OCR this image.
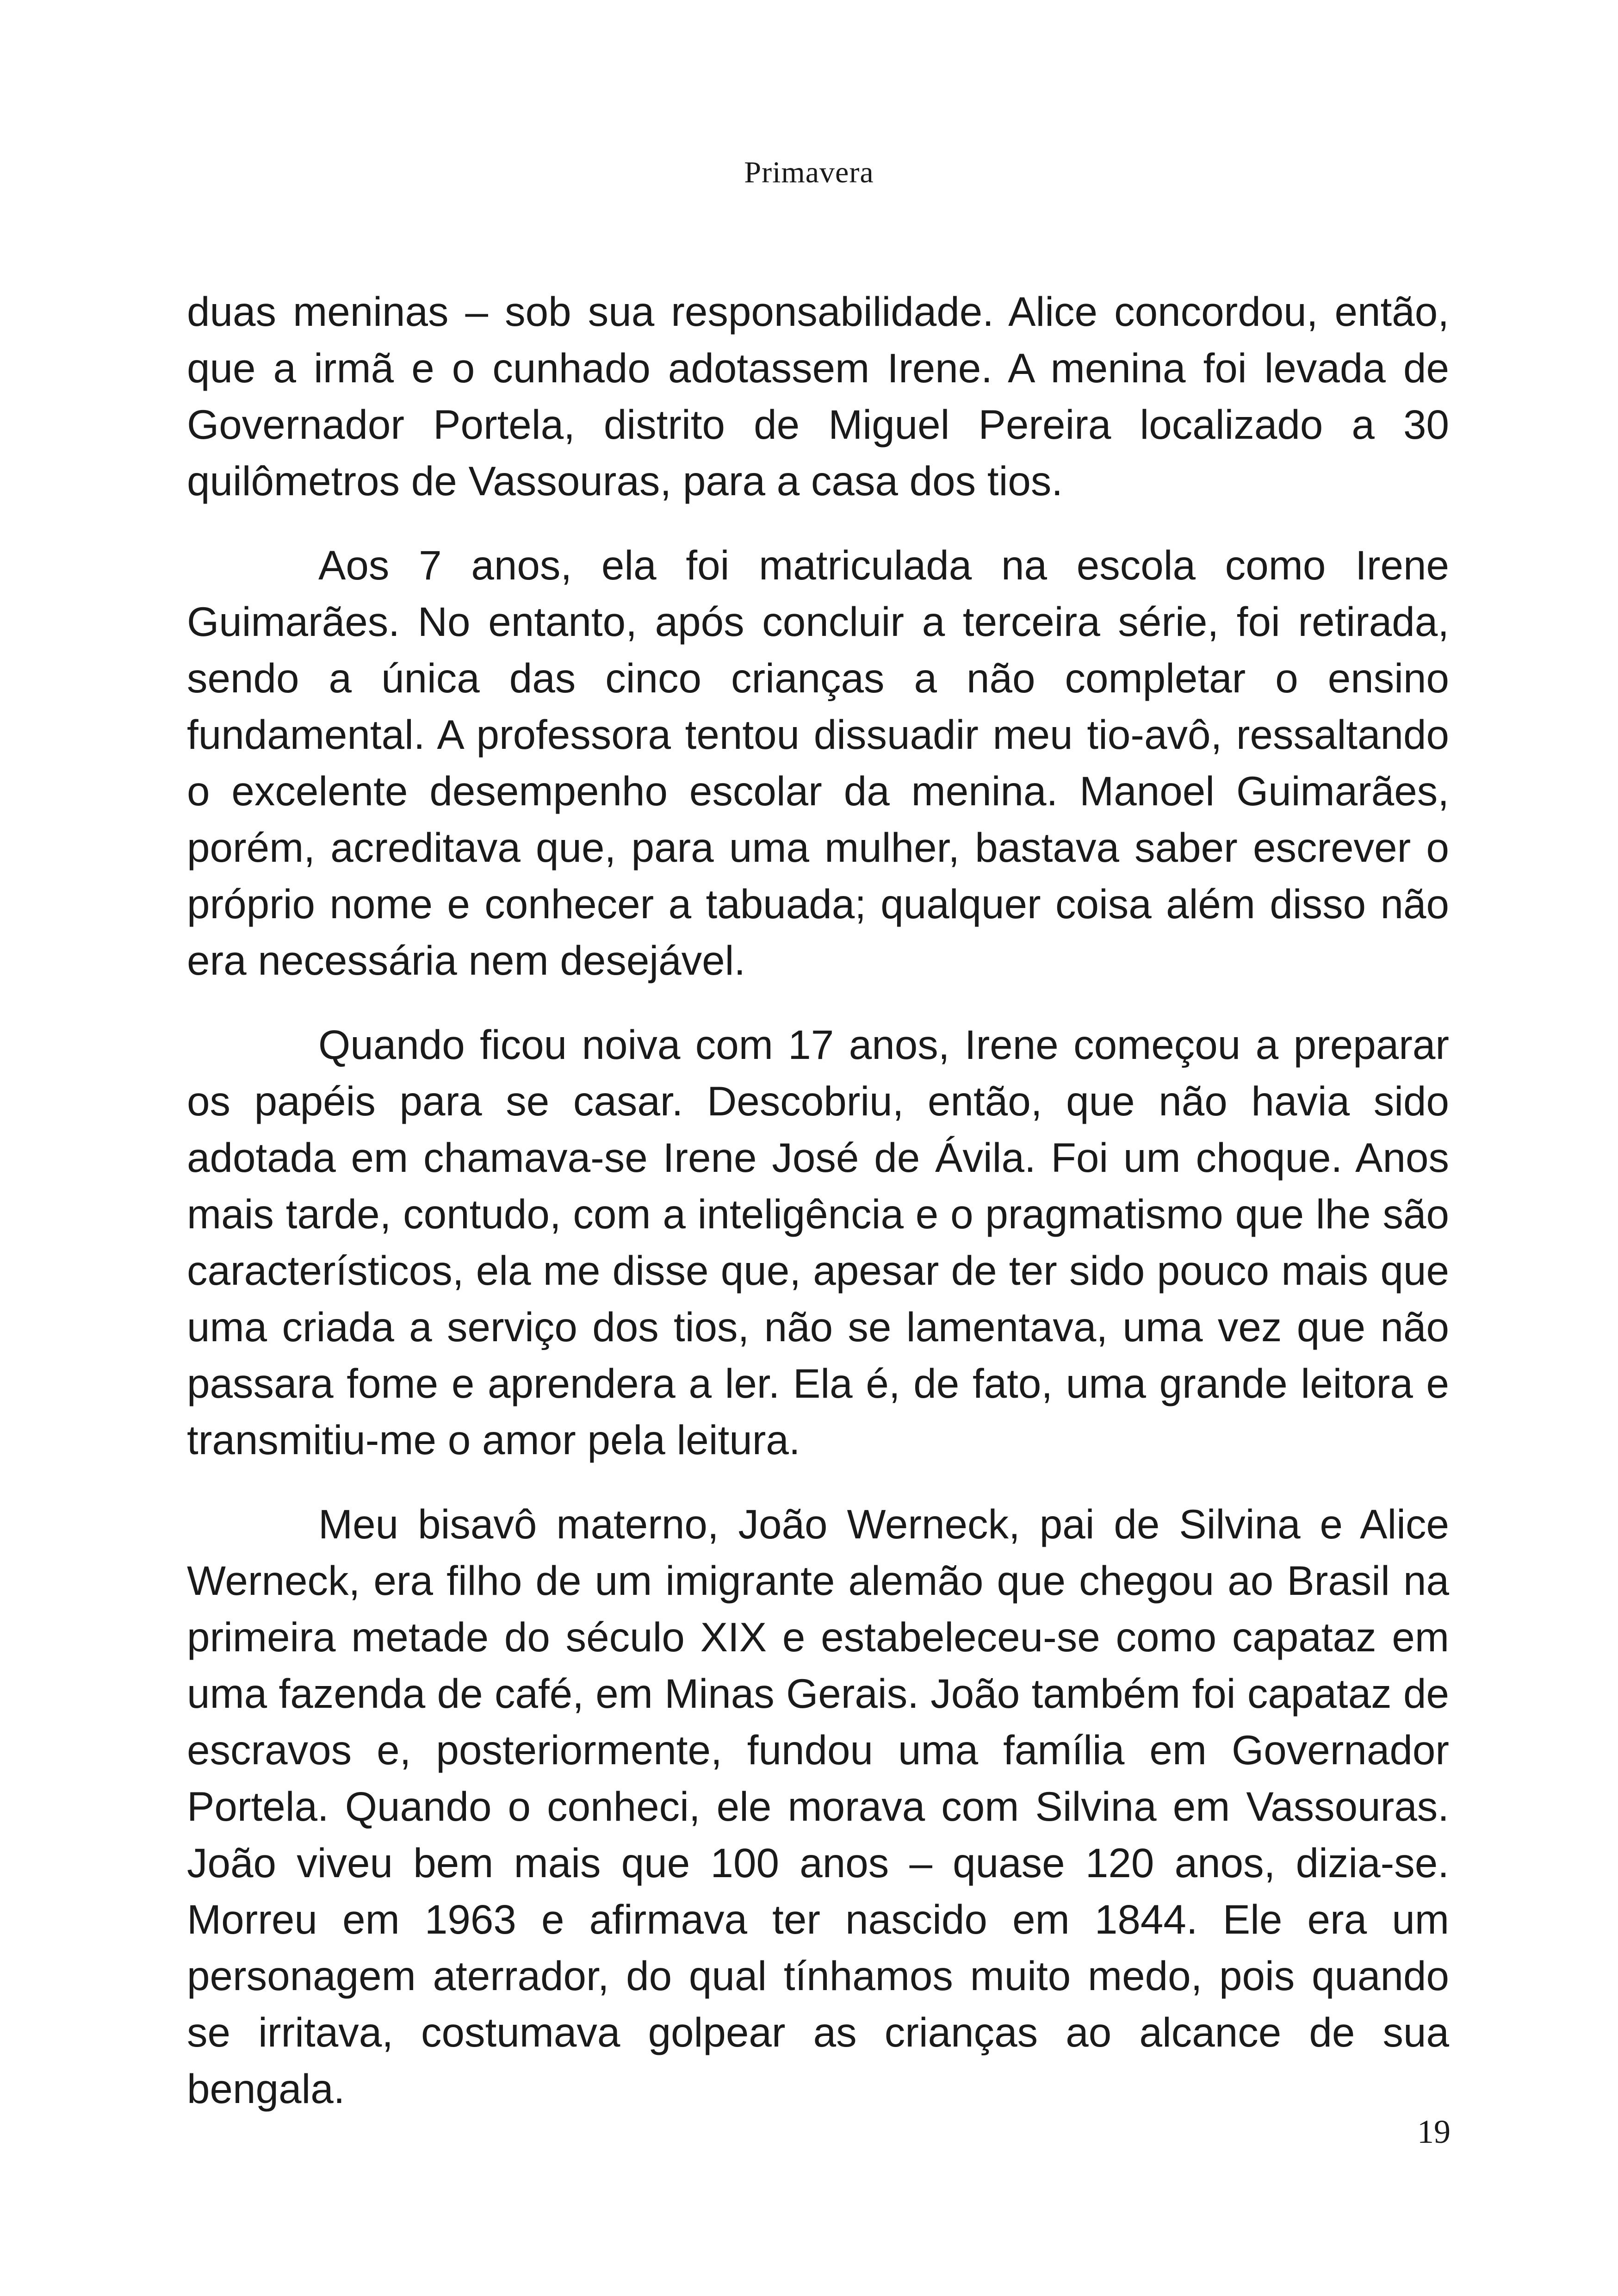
Primavera

duas meninas – sob sua responsabilidade. Alice concordou, então, que a irmã e o cunhado adotassem Irene. A menina foi levada de Governador Portela, distrito de Miguel Pereira localizado a 30 quilômetros de Vassouras, para a casa dos tios.

Aos 7 anos, ela foi matriculada na escola como Irene Guimarães. No entanto, após concluir a terceira série, foi retirada, sendo a única das cinco crianças a não completar o ensino fundamental. A professora tentou dissuadir meu tio-avô, ressaltando o excelente desempenho escolar da menina. Manoel Guimarães, porém, acreditava que, para uma mulher, bastava saber escrever o próprio nome e conhecer a tabuada; qualquer coisa além disso não era necessária nem desejável.

Quando ficou noiva com 17 anos, Irene começou a preparar os papéis para se casar. Descobriu, então, que não havia sido adotada em chamava-se Irene José de Ávila. Foi um choque. Anos mais tarde, contudo, com a inteligência e o pragmatismo que lhe são característicos, ela me disse que, apesar de ter sido pouco mais que uma criada a serviço dos tios, não se lamentava, uma vez que não passara fome e aprendera a ler. Ela é, de fato, uma grande leitora e transmitiu-me o amor pela leitura.

Meu bisavô materno, João Werneck, pai de Silvina e Alice Werneck, era filho de um imigrante alemão que chegou ao Brasil na primeira metade do século XIX e estabeleceu-se como capataz em uma fazenda de café, em Minas Gerais. João também foi capataz de escravos e, posteriormente, fundou uma família em Governador Portela. Quando o conheci, ele morava com Silvina em Vassouras. João viveu bem mais que 100 anos – quase 120 anos, dizia-se. Morreu em 1963 e afirmava ter nascido em 1844. Ele era um personagem aterrador, do qual tínhamos muito medo, pois quando se irritava, costumava golpear as crianças ao alcance de sua bengala.

19
